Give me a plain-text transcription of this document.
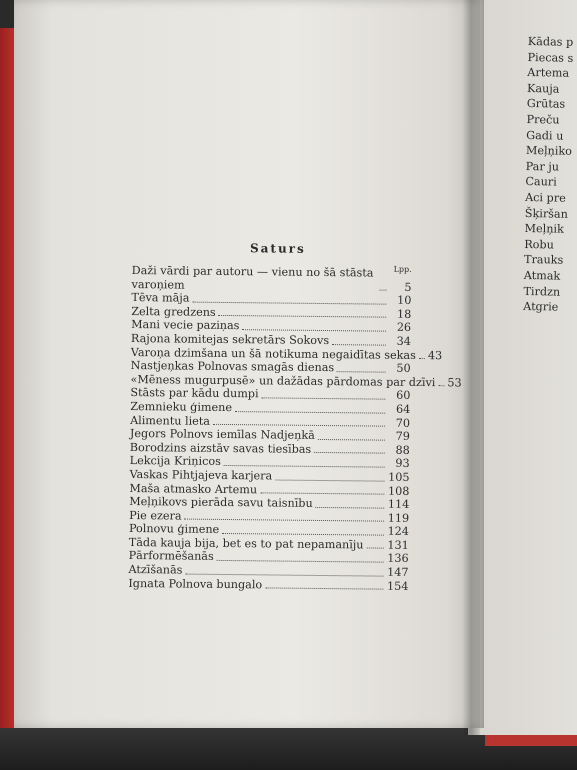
Saturs
Lpp.
Daži vārdi par autoru — vienu no šā stāsta varoņiem	5
Tēva māja	10
Zelta gredzens	18
Mani vecie paziņas	26
Rajona komitejas sekretārs Sokovs	34
Varoņa dzimšana un šā notikuma negaidītas sekas 43
Nastjeņkas Polnovas smagās dienas	50
«Mēness mugurpusē» un dažādas pārdomas par dzīvi 53
Stāsts par kādu dumpi	60
Zemnieku ģimene	64
Alimentu lieta	70
Jegors Polnovs iemīlas Nadjeņkā	79
Borodzins aizstāv savas tiesības	88
Lekcija Kriņicos	93
Vaskas Pihtjajeva karjera	105
Maša atmasko Artemu	108
Meļņikovs pierāda savu taisnību	114
Pie ezera	119
Polnovu ģimene	124
Tāda kauja bija, bet es to pat nepamanīju 131
Pārformēšanās	136
Atzīšanās	147
Ignata Polnova bungalo	154
Kādas p
Piecas s
Artema
Kauja
Grūtas
Preču
Gadi u
Meļņiko
Par ju
Cauri
Aci pre
Šķiršan
Meļņik
Robu
Trauks
Atmak
Tirdzn
Atgrie
